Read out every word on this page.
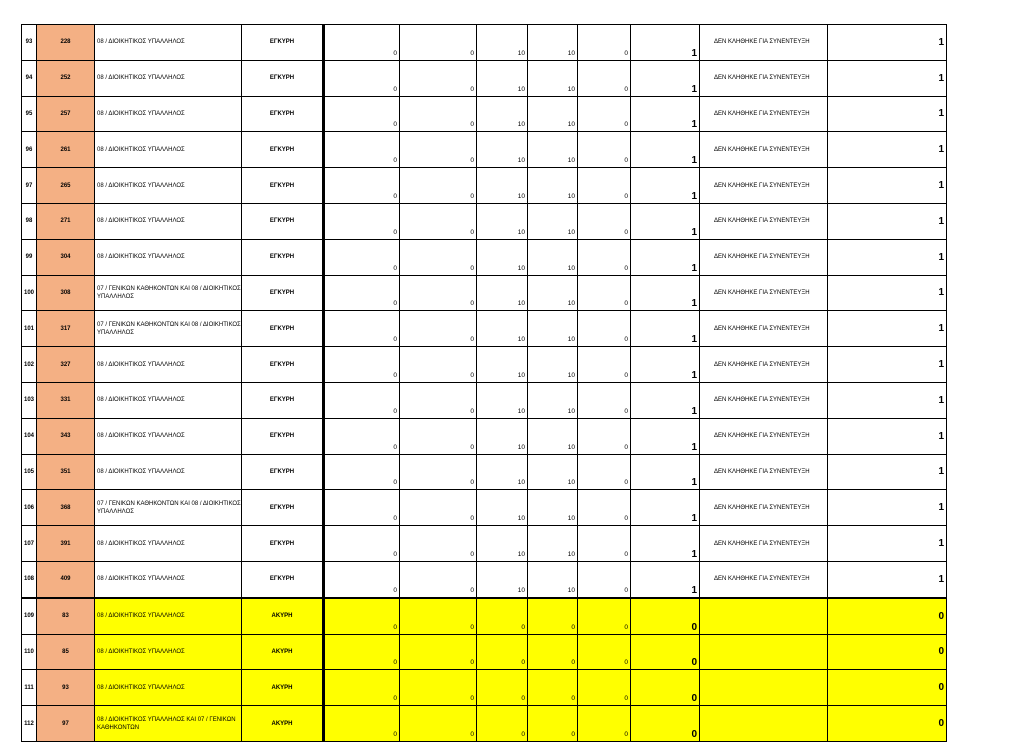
93	228	08 / ΔΙΟΙΚΗΤΙΚΟΣ ΥΠΑΛΛΗΛΟΣ	ΕΓΚΥΡΗ	0	0	10	10	0	1	ΔΕΝ ΚΛΗΘΗΚΕ ΓΙΑ ΣΥΝΕΝΤΕΥΞΗ	1
94	252	08 / ΔΙΟΙΚΗΤΙΚΟΣ ΥΠΑΛΛΗΛΟΣ	ΕΓΚΥΡΗ	0	0	10	10	0	1	ΔΕΝ ΚΛΗΘΗΚΕ ΓΙΑ ΣΥΝΕΝΤΕΥΞΗ	1
95	257	08 / ΔΙΟΙΚΗΤΙΚΟΣ ΥΠΑΛΛΗΛΟΣ	ΕΓΚΥΡΗ	0	0	10	10	0	1	ΔΕΝ ΚΛΗΘΗΚΕ ΓΙΑ ΣΥΝΕΝΤΕΥΞΗ	1
96	261	08 / ΔΙΟΙΚΗΤΙΚΟΣ ΥΠΑΛΛΗΛΟΣ	ΕΓΚΥΡΗ	0	0	10	10	0	1	ΔΕΝ ΚΛΗΘΗΚΕ ΓΙΑ ΣΥΝΕΝΤΕΥΞΗ	1
97	265	08 / ΔΙΟΙΚΗΤΙΚΟΣ ΥΠΑΛΛΗΛΟΣ	ΕΓΚΥΡΗ	0	0	10	10	0	1	ΔΕΝ ΚΛΗΘΗΚΕ ΓΙΑ ΣΥΝΕΝΤΕΥΞΗ	1
98	271	08 / ΔΙΟΙΚΗΤΙΚΟΣ ΥΠΑΛΛΗΛΟΣ	ΕΓΚΥΡΗ	0	0	10	10	0	1	ΔΕΝ ΚΛΗΘΗΚΕ ΓΙΑ ΣΥΝΕΝΤΕΥΞΗ	1
99	304	08 / ΔΙΟΙΚΗΤΙΚΟΣ ΥΠΑΛΛΗΛΟΣ	ΕΓΚΥΡΗ	0	0	10	10	0	1	ΔΕΝ ΚΛΗΘΗΚΕ ΓΙΑ ΣΥΝΕΝΤΕΥΞΗ	1
100	308	07 / ΓΕΝΙΚΩΝ ΚΑΘΗΚΟΝΤΩΝ ΚΑΙ 08 / ΔΙΟΙΚΗΤΙΚΟΣ ΥΠΑΛΛΗΛΟΣ	ΕΓΚΥΡΗ	0	0	10	10	0	1	ΔΕΝ ΚΛΗΘΗΚΕ ΓΙΑ ΣΥΝΕΝΤΕΥΞΗ	1
101	317	07 / ΓΕΝΙΚΩΝ ΚΑΘΗΚΟΝΤΩΝ ΚΑΙ 08 / ΔΙΟΙΚΗΤΙΚΟΣ ΥΠΑΛΛΗΛΟΣ	ΕΓΚΥΡΗ	0	0	10	10	0	1	ΔΕΝ ΚΛΗΘΗΚΕ ΓΙΑ ΣΥΝΕΝΤΕΥΞΗ	1
102	327	08 / ΔΙΟΙΚΗΤΙΚΟΣ ΥΠΑΛΛΗΛΟΣ	ΕΓΚΥΡΗ	0	0	10	10	0	1	ΔΕΝ ΚΛΗΘΗΚΕ ΓΙΑ ΣΥΝΕΝΤΕΥΞΗ	1
103	331	08 / ΔΙΟΙΚΗΤΙΚΟΣ ΥΠΑΛΛΗΛΟΣ	ΕΓΚΥΡΗ	0	0	10	10	0	1	ΔΕΝ ΚΛΗΘΗΚΕ ΓΙΑ ΣΥΝΕΝΤΕΥΞΗ	1
104	343	08 / ΔΙΟΙΚΗΤΙΚΟΣ ΥΠΑΛΛΗΛΟΣ	ΕΓΚΥΡΗ	0	0	10	10	0	1	ΔΕΝ ΚΛΗΘΗΚΕ ΓΙΑ ΣΥΝΕΝΤΕΥΞΗ	1
105	351	08 / ΔΙΟΙΚΗΤΙΚΟΣ ΥΠΑΛΛΗΛΟΣ	ΕΓΚΥΡΗ	0	0	10	10	0	1	ΔΕΝ ΚΛΗΘΗΚΕ ΓΙΑ ΣΥΝΕΝΤΕΥΞΗ	1
106	368	07 / ΓΕΝΙΚΩΝ ΚΑΘΗΚΟΝΤΩΝ ΚΑΙ 08 / ΔΙΟΙΚΗΤΙΚΟΣ ΥΠΑΛΛΗΛΟΣ	ΕΓΚΥΡΗ	0	0	10	10	0	1	ΔΕΝ ΚΛΗΘΗΚΕ ΓΙΑ ΣΥΝΕΝΤΕΥΞΗ	1
107	391	08 / ΔΙΟΙΚΗΤΙΚΟΣ ΥΠΑΛΛΗΛΟΣ	ΕΓΚΥΡΗ	0	0	10	10	0	1	ΔΕΝ ΚΛΗΘΗΚΕ ΓΙΑ ΣΥΝΕΝΤΕΥΞΗ	1
108	409	08 / ΔΙΟΙΚΗΤΙΚΟΣ ΥΠΑΛΛΗΛΟΣ	ΕΓΚΥΡΗ	0	0	10	10	0	1	ΔΕΝ ΚΛΗΘΗΚΕ ΓΙΑ ΣΥΝΕΝΤΕΥΞΗ	1
109	83	08 / ΔΙΟΙΚΗΤΙΚΟΣ ΥΠΑΛΛΗΛΟΣ	ΑΚΥΡΗ	0	0	0	0	0	0		0
110	85	08 / ΔΙΟΙΚΗΤΙΚΟΣ ΥΠΑΛΛΗΛΟΣ	ΑΚΥΡΗ	0	0	0	0	0	0		0
111	93	08 / ΔΙΟΙΚΗΤΙΚΟΣ ΥΠΑΛΛΗΛΟΣ	ΑΚΥΡΗ	0	0	0	0	0	0		0
112	97	08 / ΔΙΟΙΚΗΤΙΚΟΣ ΥΠΑΛΛΗΛΟΣ ΚΑΙ 07 / ΓΕΝΙΚΩΝ ΚΑΘΗΚΟΝΤΩΝ	ΑΚΥΡΗ	0	0	0	0	0	0		0
